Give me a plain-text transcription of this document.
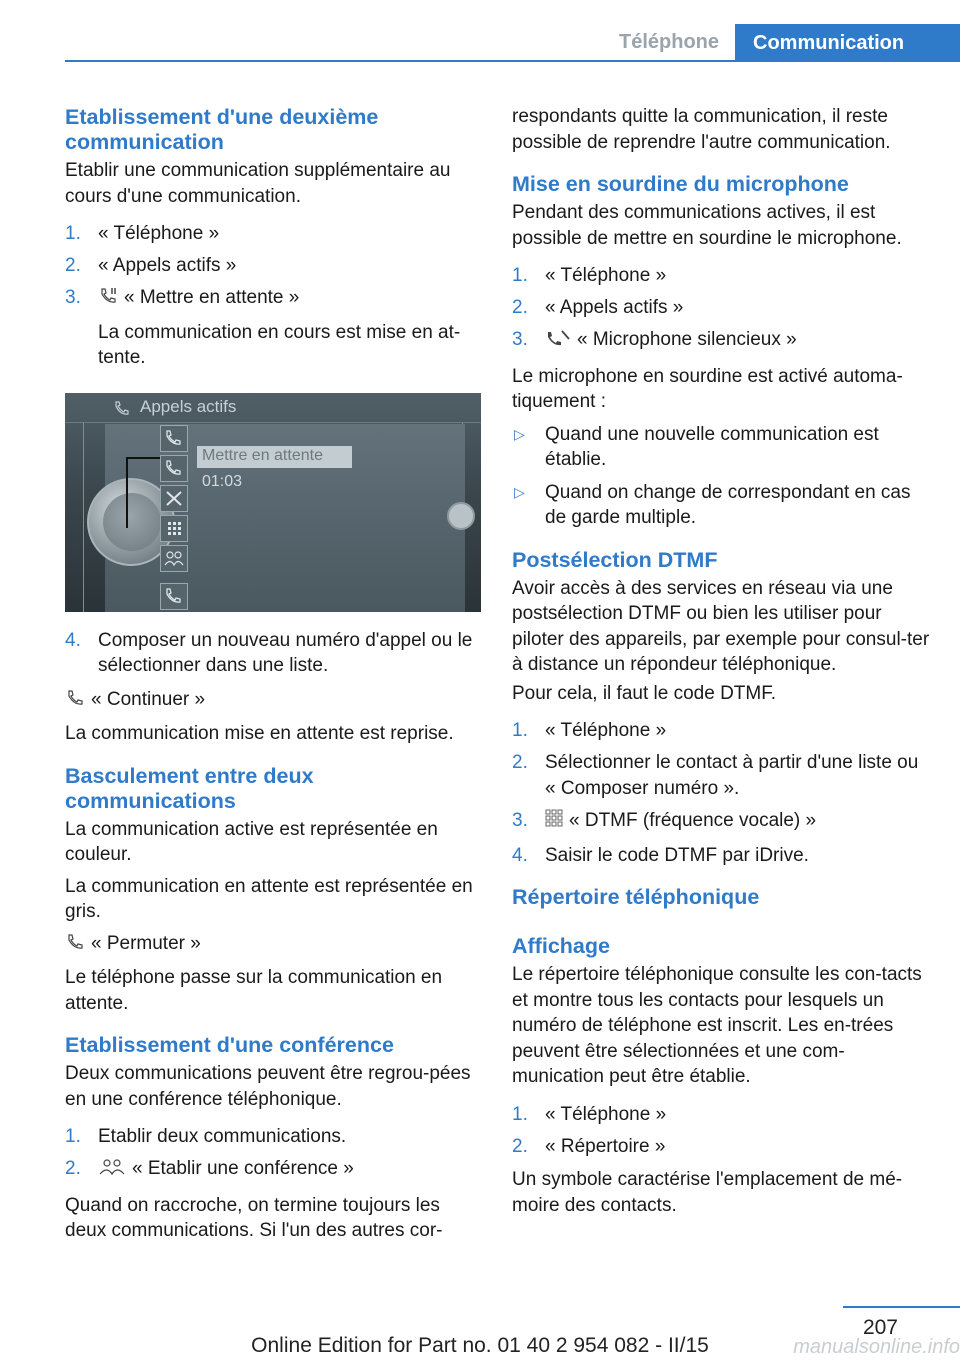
Téléphone	Communication
Etablissement d'une deuxième communication

Etablir une communication supplémentaire au cours d'une communication.

1. « Téléphone »
2. « Appels actifs »
3. « Mettre en attente »
La communication en cours est mise en at‐tente.
Appels actifs
Mettre en attente
01:03
4. Composer un nouveau numéro d'appel ou le sélectionner dans une liste.

« Continuer »

La communication mise en attente est reprise.

Basculement entre deux communications

La communication active est représentée en couleur.

La communication en attente est représentée en gris.

« Permuter »

Le téléphone passe sur la communication en attente.

Etablissement d'une conférence

Deux communications peuvent être regrou‐pées en une conférence téléphonique.

1. Etablir deux communications.
2.	« Etablir une conférence »

Quand on raccroche, on termine toujours les deux communications. Si l'un des autres cor‐

respondants quitte la communication, il reste possible de reprendre l'autre communication.

Mise en sourdine du microphone

Pendant des communications actives, il est possible de mettre en sourdine le microphone.

1. « Téléphone »
2. « Appels actifs »
3.	« Microphone silencieux »

Le microphone en sourdine est activé automa‐tiquement :

▷ Quand une nouvelle communication est établie.
▷ Quand on change de correspondant en cas de garde multiple.
Postsélection DTMF

Avoir accès à des services en réseau via une postsélection DTMF ou bien les utiliser pour piloter des appareils, par exemple pour consul‐ter à distance un répondeur téléphonique.

Pour cela, il faut le code DTMF.

1. « Téléphone »
2. Sélectionner le contact à partir d'une liste ou « Composer numéro ».
3. « DTMF (fréquence vocale) »
4. Saisir le code DTMF par iDrive.
Répertoire téléphonique
Affichage

Le répertoire téléphonique consulte les con‐tacts et montre tous les contacts pour lesquels un numéro de téléphone est inscrit. Les en‐trées peuvent être sélectionnées et une com‐munication peut être établie.

1. « Téléphone »
2. « Répertoire »

Un symbole caractérise l'emplacement de mé‐moire des contacts.

207
Online Edition for Part no. 01 40 2 954 082 - II/15	manualsonline.info
